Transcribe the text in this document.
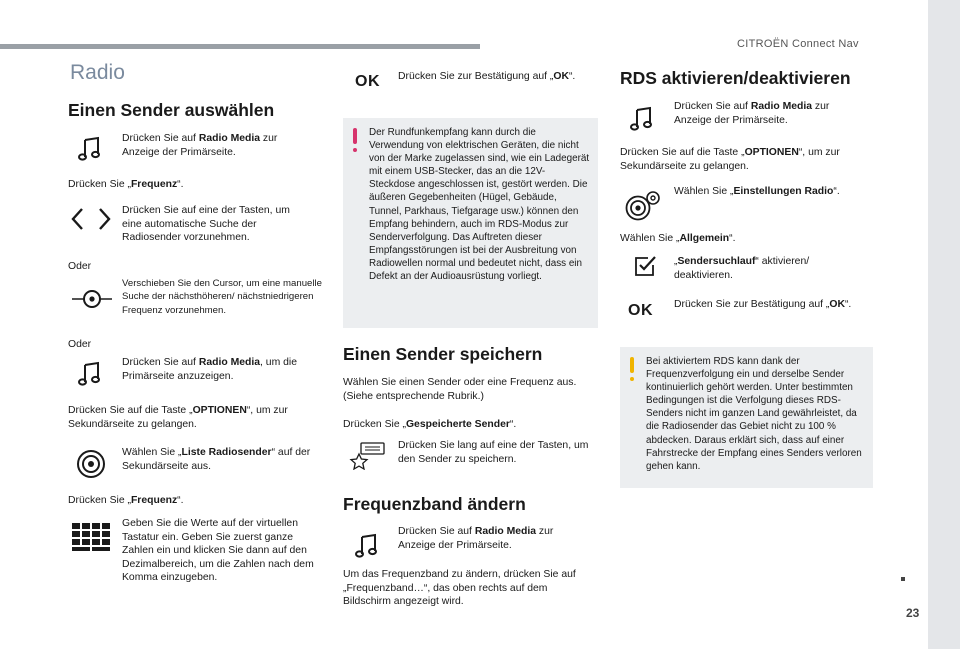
CITROËN Connect Nav
23
Radio
Einen Sender auswählen
Drücken Sie auf Radio Media zur Anzeige der Primärseite.
Drücken Sie „Frequenz“.
Drücken Sie auf eine der Tasten, um eine automatische Suche der Radiosender vorzunehmen.
Oder
Verschieben Sie den Cursor, um eine manuelle Suche der nächsthöheren/ nächstniedrigeren Frequenz vorzunehmen.
Oder
Drücken Sie auf Radio Media, um die Primärseite anzuzeigen.
Drücken Sie auf die Taste „OPTIONEN“, um zur Sekundärseite zu gelangen.
Wählen Sie „Liste Radiosender“ auf der Sekundärseite aus.
Drücken Sie „Frequenz“.
Geben Sie die Werte auf der virtuellen Tastatur ein. Geben Sie zuerst ganze Zahlen ein und klicken Sie dann auf den Dezimalbereich, um die Zahlen nach dem Komma einzugeben.
OK Drücken Sie zur Bestätigung auf „OK“.
Der Rundfunkempfang kann durch die Verwendung von elektrischen Geräten, die nicht von der Marke zugelassen sind, wie ein Ladegerät mit einem USB-Stecker, das an die 12V-Steckdose angeschlossen ist, gestört werden. Die äußeren Gegebenheiten (Hügel, Gebäude, Tunnel, Parkhaus, Tiefgarage usw.) können den Empfang behindern, auch im RDS-Modus zur Senderverfolgung. Das Auftreten dieser Empfangsstörungen ist bei der Ausbreitung von Radiowellen normal und bedeutet nicht, dass ein Defekt an der Audioausrüstung vorliegt.
Einen Sender speichern
Wählen Sie einen Sender oder eine Frequenz aus. (Siehe entsprechende Rubrik.)
Drücken Sie „Gespeicherte Sender“.
Drücken Sie lang auf eine der Tasten, um den Sender zu speichern.
Frequenzband ändern
Drücken Sie auf Radio Media zur Anzeige der Primärseite.
Um das Frequenzband zu ändern, drücken Sie auf „Frequenzband…“, das oben rechts auf dem Bildschirm angezeigt wird.
RDS aktivieren/deaktivieren
Drücken Sie auf Radio Media zur Anzeige der Primärseite.
Drücken Sie auf die Taste „OPTIONEN“, um zur Sekundärseite zu gelangen.
Wählen Sie „Einstellungen Radio“.
Wählen Sie „Allgemein“.
„Sendersuchlauf“ aktivieren/ deaktivieren.
OK Drücken Sie zur Bestätigung auf „OK“.
Bei aktiviertem RDS kann dank der Frequenzverfolgung ein und derselbe Sender kontinuierlich gehört werden. Unter bestimmten Bedingungen ist die Verfolgung dieses RDS-Senders nicht im ganzen Land gewährleistet, da die Radiosender das Gebiet nicht zu 100 % abdecken. Daraus erklärt sich, dass auf einer Fahrstrecke der Empfang eines Senders verloren gehen kann.
